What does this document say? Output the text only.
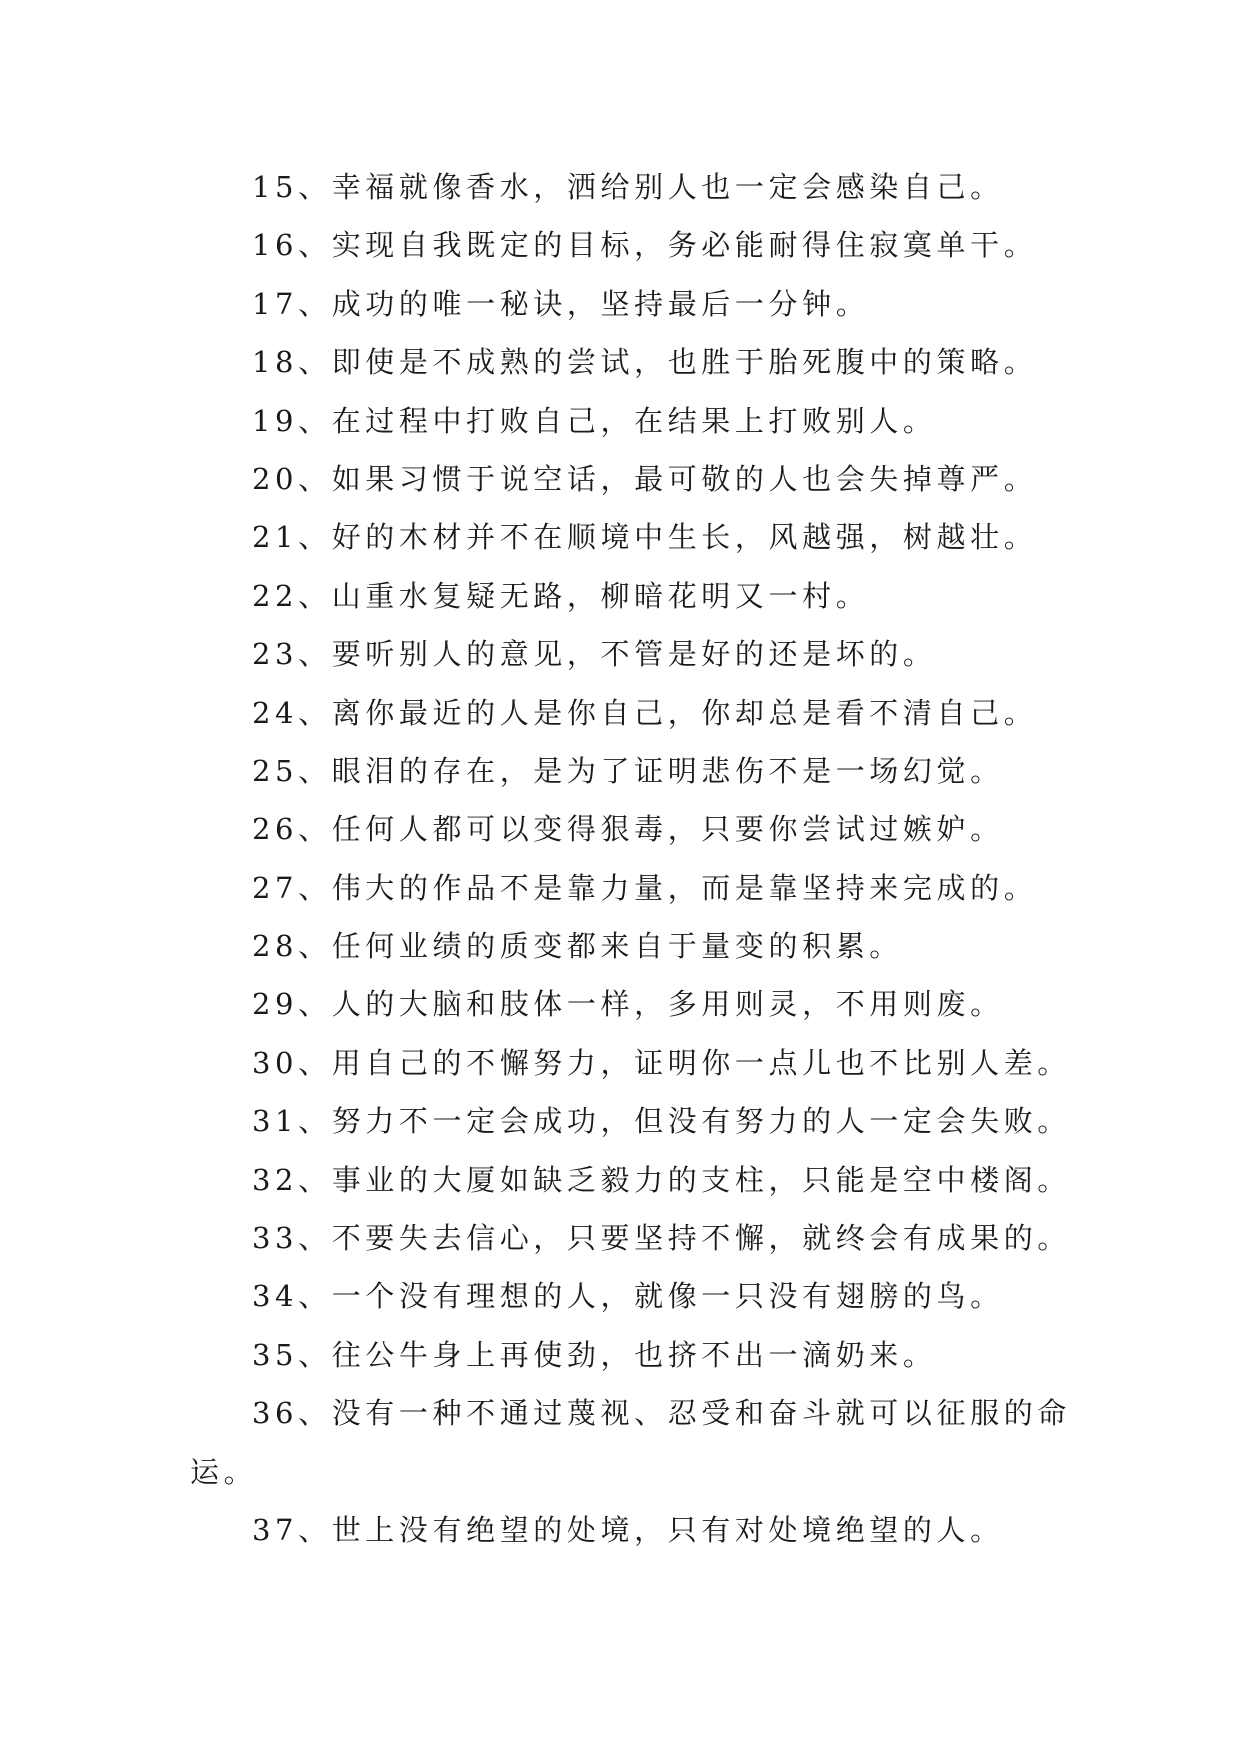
15、幸福就像香水，洒给别人也一定会感染自己。
16、实现自我既定的目标，务必能耐得住寂寞单干。
17、成功的唯一秘诀，坚持最后一分钟。
18、即使是不成熟的尝试，也胜于胎死腹中的策略。
19、在过程中打败自己，在结果上打败别人。
20、如果习惯于说空话，最可敬的人也会失掉尊严。
21、好的木材并不在顺境中生长，风越强，树越壮。
22、山重水复疑无路，柳暗花明又一村。
23、要听别人的意见，不管是好的还是坏的。
24、离你最近的人是你自己，你却总是看不清自己。
25、眼泪的存在，是为了证明悲伤不是一场幻觉。
26、任何人都可以变得狠毒，只要你尝试过嫉妒。
27、伟大的作品不是靠力量，而是靠坚持来完成的。
28、任何业绩的质变都来自于量变的积累。
29、人的大脑和肢体一样，多用则灵，不用则废。
30、用自己的不懈努力，证明你一点儿也不比别人差。
31、努力不一定会成功，但没有努力的人一定会失败。
32、事业的大厦如缺乏毅力的支柱，只能是空中楼阁。
33、不要失去信心，只要坚持不懈，就终会有成果的。
34、一个没有理想的人，就像一只没有翅膀的鸟。
35、往公牛身上再使劲，也挤不出一滴奶来。
36、没有一种不通过蔑视、忍受和奋斗就可以征服的命
运。
37、世上没有绝望的处境，只有对处境绝望的人。
